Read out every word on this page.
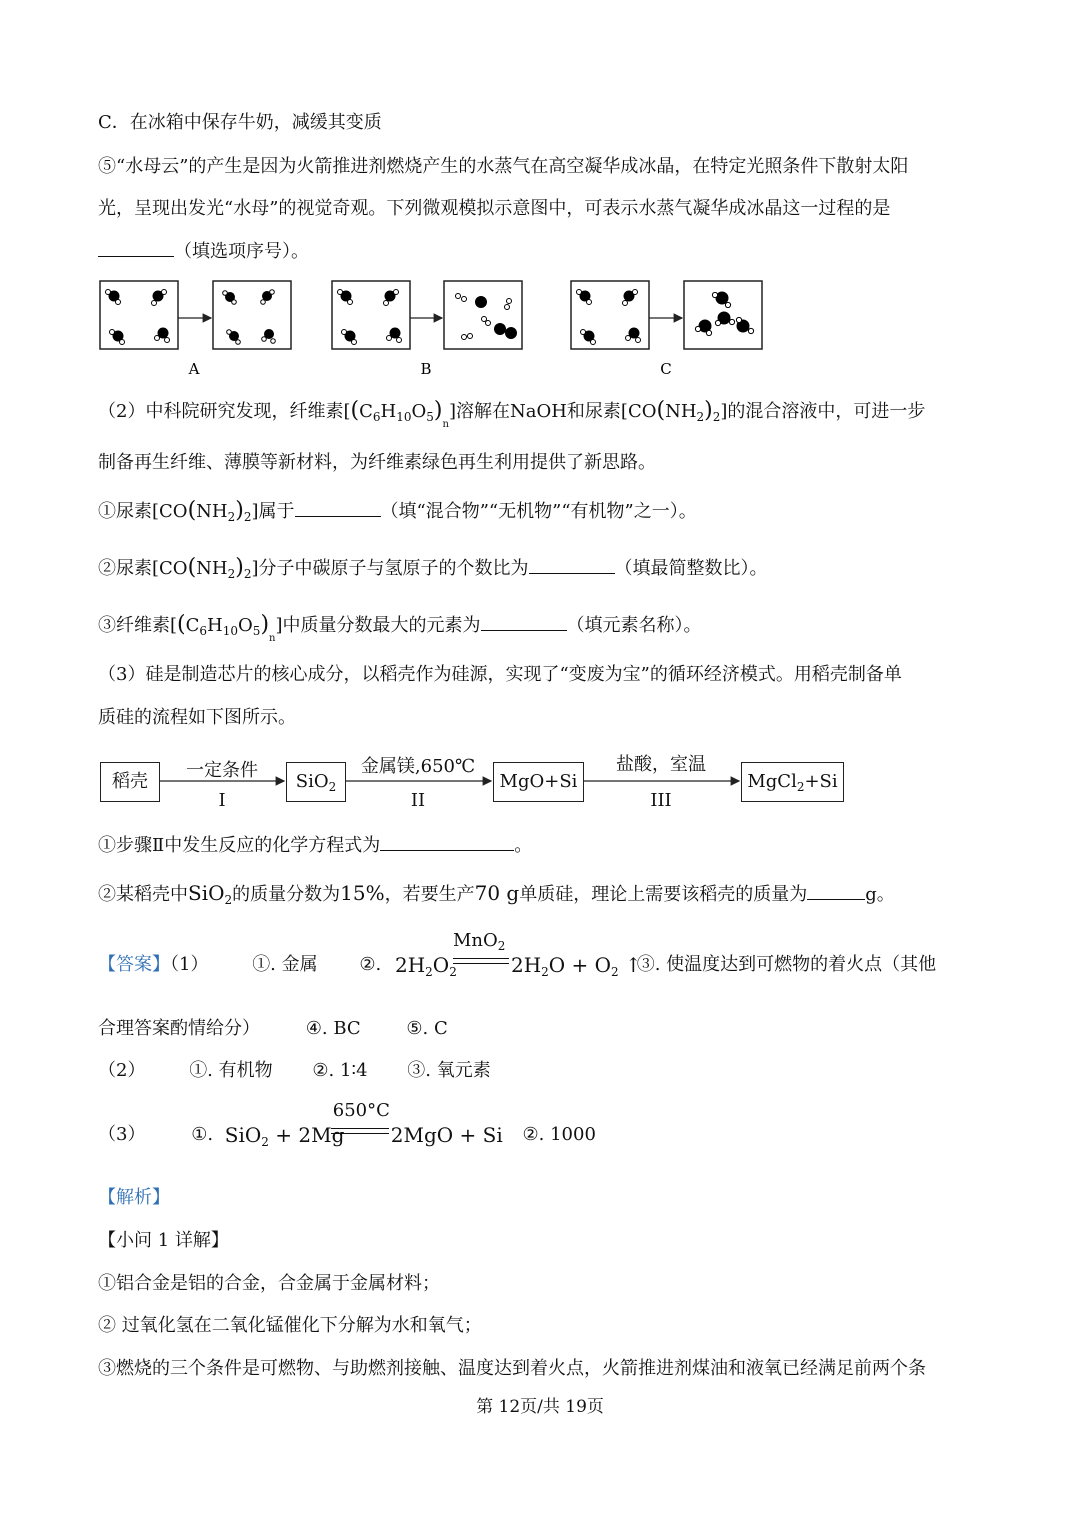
C．在冰箱中保存牛奶，减缓其变质
⑤“水母云”的产生是因为火箭推进剂燃烧产生的水蒸气在高空凝华成冰晶，在特定光照条件下散射太阳
光，呈现出发光“水母”的视觉奇观。下列微观模拟示意图中，可表示水蒸气凝华成冰晶这一过程的是
（填选项序号）。
A	B	C
（2）中科院研究发现，纤维素$[(C_6H_{10}O_5)_n]$溶解在NaOH和尿素$[CO(NH_2)_2]$的混合溶液中，可进一步
制备再生纤维、薄膜等新材料，为纤维素绿色再生利用提供了新思路。
①尿素$[CO(NH_2)_2]$属于	（填“混合物”“无机物”“有机物”之一）。
②尿素$[CO(NH_2)_2]$分子中碳原子与氢原子的个数比为	（填最简整数比）。
③纤维素$[(C_6H_{10}O_5)_n]$中质量分数最大的元素为	（填元素名称）。
（3）硅是制造芯片的核心成分，以稻壳作为硅源，实现了“变废为宝”的循环经济模式。用稻壳制备单
质硅的流程如下图所示。
稻壳	SiO$_2$	MgO+Si	MgCl$_2$+Si
一定条件
I
金属镁,650℃
II
盐酸，室温
III
①步骤Ⅱ中发生反应的化学方程式为	。
②某稻壳中SiO$_2$的质量分数为15%，若要生产70 g单质硅，理论上需要该稻壳的质量为	g。
【答案】（1） ①. 金属 ②. $2H_2O_2$
MnO$_2$
$2H_2O + O_2$ ↑
③. 使温度达到可燃物的着火点（其他
合理答案酌情给分）	④. BC	⑤. C
（2） ①. 有机物 ②. 1∶4 ③. 氧元素
（3）	①. SiO$_2$ + 2Mg
650°C
2MgO + Si ②. 1000
【解析】
【小问 1 详解】
①铝合金是铝的合金，合金属于金属材料；
② 过氧化氢在二氧化锰催化下分解为水和氧气；
③燃烧的三个条件是可燃物、与助燃剂接触、温度达到着火点，火箭推进剂煤油和液氧已经满足前两个条
第 12页/共 19页
